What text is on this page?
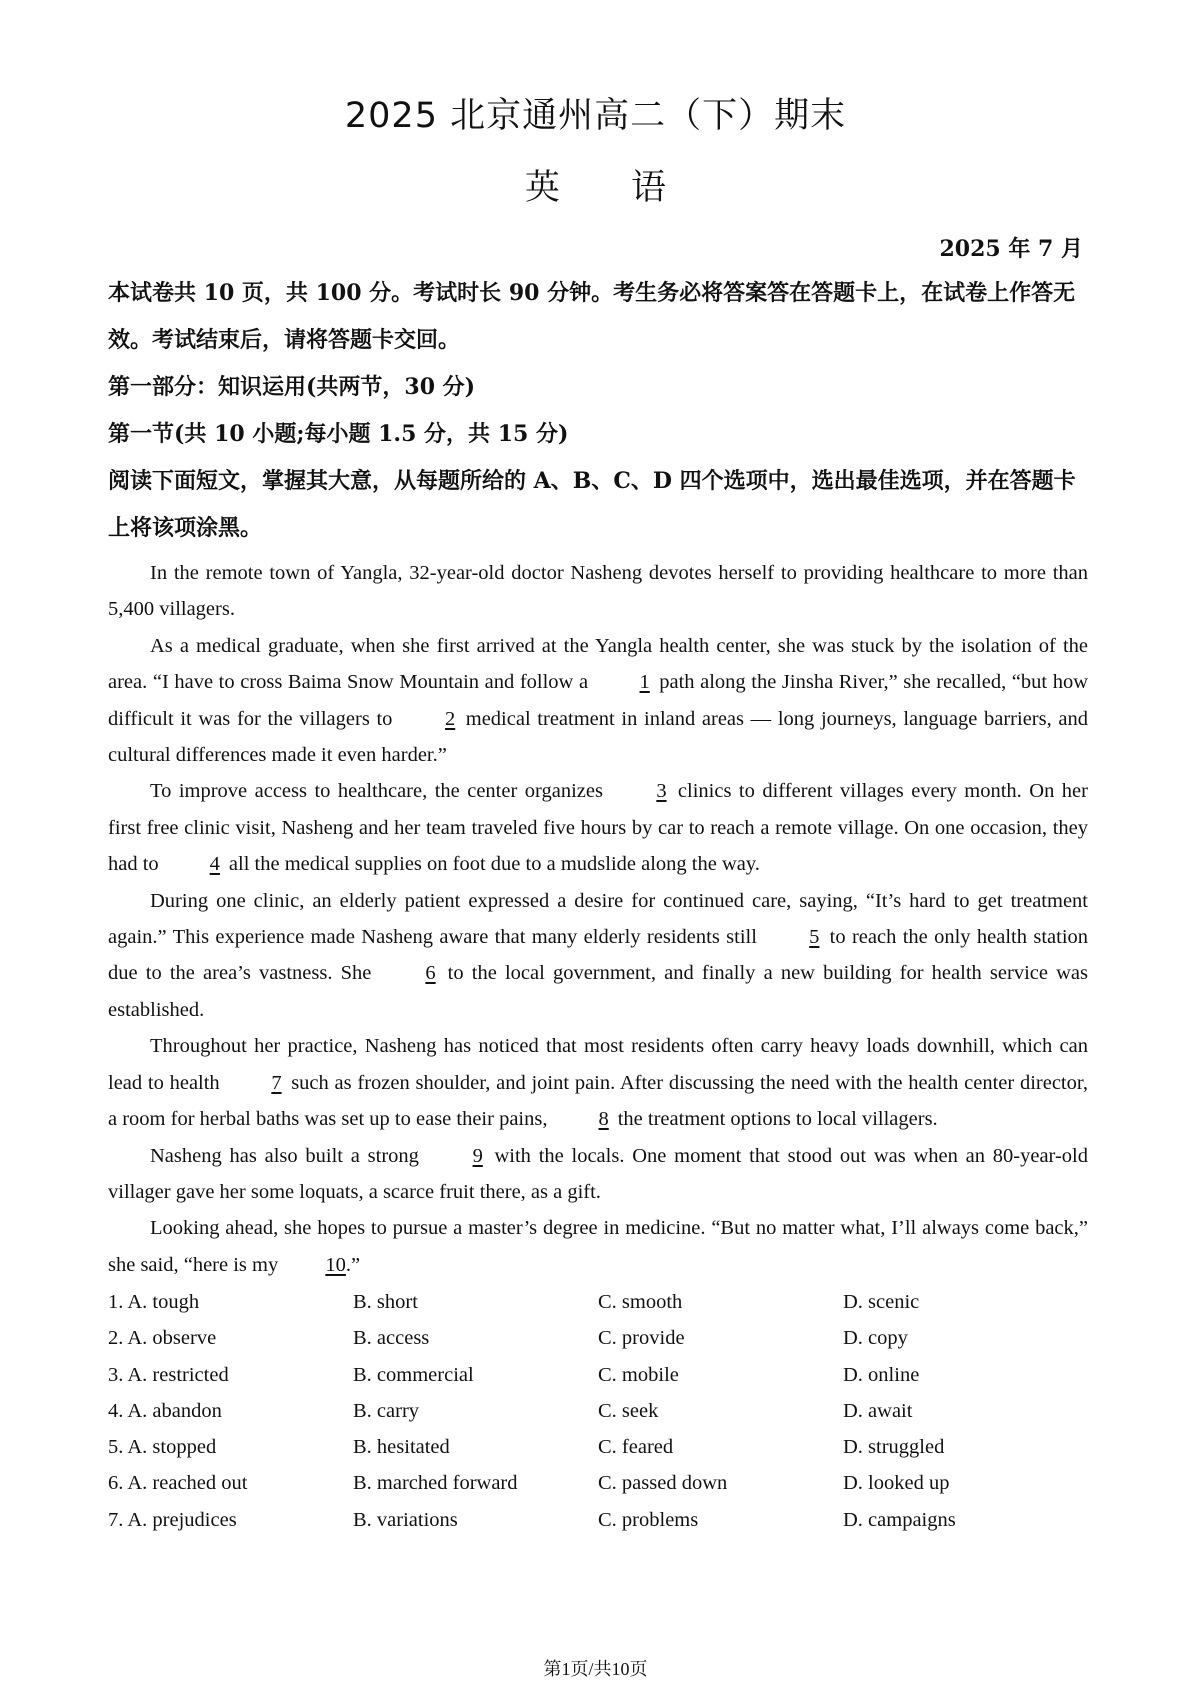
2025 北京通州高二（下）期末
英 语
2025 年 7 月
本试卷共 10 页，共 100 分。考试时长 90 分钟。考生务必将答案答在答题卡上，在试卷上作答无效。考试结束后，请将答题卡交回。
第一部分：知识运用(共两节，30 分)
第一节(共 10 小题;每小题 1.5 分，共 15 分)
阅读下面短文，掌握其大意，从每题所给的 A、B、C、D 四个选项中，选出最佳选项，并在答题卡上将该项涂黑。

In the remote town of Yangla, 32-year-old doctor Nasheng devotes herself to providing healthcare to more than 5,400 villagers.

As a medical graduate, when she first arrived at the Yangla health center, she was stuck by the isolation of the area. “I have to cross Baima Snow Mountain and follow a 1 path along the Jinsha River,” she recalled, “but how difficult it was for the villagers to 2 medical treatment in inland areas — long journeys, language barriers, and cultural differences made it even harder.”

To improve access to healthcare, the center organizes 3 clinics to different villages every month. On her first free clinic visit, Nasheng and her team traveled five hours by car to reach a remote village. On one occasion, they had to 4 all the medical supplies on foot due to a mudslide along the way.

During one clinic, an elderly patient expressed a desire for continued care, saying, “It’s hard to get treatment again.” This experience made Nasheng aware that many elderly residents still 5 to reach the only health station due to the area’s vastness. She 6 to the local government, and finally a new building for health service was established.

Throughout her practice, Nasheng has noticed that most residents often carry heavy loads downhill, which can lead to health 7 such as frozen shoulder, and joint pain. After discussing the need with the health center director, a room for herbal baths was set up to ease their pains, 8 the treatment options to local villagers.

Nasheng has also built a strong 9 with the locals. One moment that stood out was when an 80-year-old villager gave her some loquats, a scarce fruit there, as a gift.

Looking ahead, she hopes to pursue a master’s degree in medicine. “But no matter what, I’ll always come back,” she said, “here is my 10.”

1. A. tough	B. short	C. smooth	D. scenic
2. A. observe	B. access	C. provide	D. copy
3. A. restricted	B. commercial	C. mobile	D. online
4. A. abandon	B. carry	C. seek	D. await
5. A. stopped	B. hesitated	C. feared	D. struggled
6. A. reached out	B. marched forward	C. passed down	D. looked up
7. A. prejudices	B. variations	C. problems	D. campaigns
第1页/共10页
